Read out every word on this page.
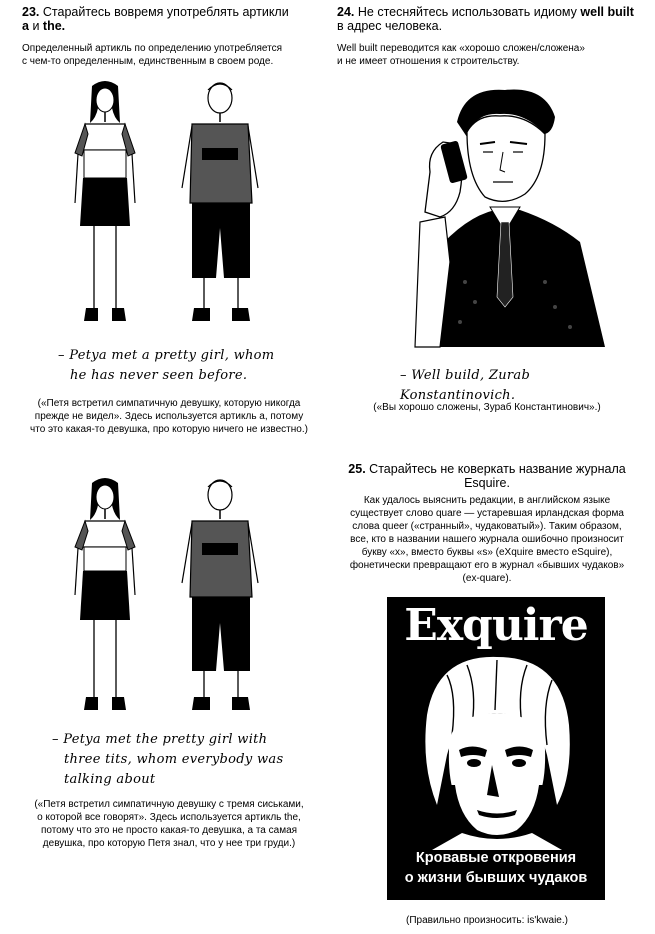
23. Старайтесь вовремя употреблять артикли
a и the.
Определенный артикль по определению употребляется
с чем-то определенным, единственным в своем роде.
– Petya met a pretty girl, whom
he has never seen before.
(«Петя встретил симпатичную девушку, которую никогда
прежде не видел». Здесь используется артикль a, потому
что это какая-то девушка, про которую ничего не известно.)
– Petya met the pretty girl with
three tits, whom everybody was
talking about
(«Петя встретил симпатичную девушку с тремя сиськами,
о которой все говорят». Здесь используется артикль the,
потому что это не просто какая-то девушка, а та самая
девушка, про которую Петя знал, что у нее три груди.)
24. Не стесняйтесь использовать идиому well built
в адрес человека.
Well built переводится как «хорошо сложен/сложена»
и не имеет отношения к строительству.
– Well build, Zurab Konstantinovich.
(«Вы хорошо сложены, Зураб Константинович».)
25. Старайтесь не коверкать название журнала
Esquire.
Как удалось выяснить редакции, в английском языке
существует слово quare — устаревшая ирландская форма
слова queer («странный», чудаковатый»). Таким образом,
все, кто в названии нашего журнала ошибочно произносит
букву «х», вместо буквы «s» (eXquire вместо eSquire),
фонетически превращают его в журнал «бывших чудаков»
(ex-quare).
Exquire
Кровавые откровения
о жизни бывших чудаков
(Правильно произносить: is'kwaie.)
